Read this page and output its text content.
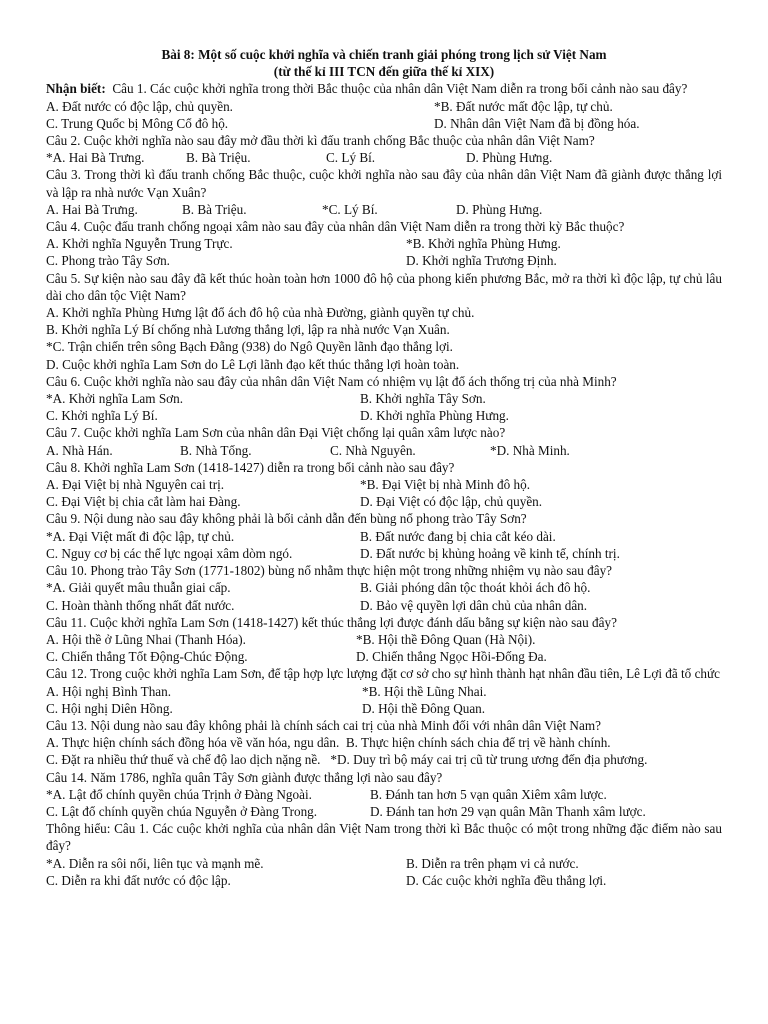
Bài 8: Một số cuộc khởi nghĩa và chiến tranh giải phóng trong lịch sử Việt Nam
(từ thế kỉ III TCN đến giữa thế kỉ XIX)
Nhận biết: Câu 1. Các cuộc khởi nghĩa trong thời Bắc thuộc của nhân dân Việt Nam diễn ra trong bối cảnh nào sau đây?
A. Đất nước có độc lập, chủ quyền.	*B. Đất nước mất độc lập, tự chủ.
C. Trung Quốc bị Mông Cổ đô hộ.	D. Nhân dân Việt Nam đã bị đồng hóa.
Câu 2. Cuộc khởi nghĩa nào sau đây mở đầu thời kì đấu tranh chống Bắc thuộc của nhân dân Việt Nam?
*A. Hai Bà Trưng.	B. Bà Triệu.	C. Lý Bí.	D. Phùng Hưng.
Câu 3. Trong thời kì đấu tranh chống Bắc thuộc, cuộc khởi nghĩa nào sau đây của nhân dân Việt Nam đã giành được thắng lợi và lập ra nhà nước Vạn Xuân?
A. Hai Bà Trưng.	B. Bà Triệu.	*C. Lý Bí.	D. Phùng Hưng.
Câu 4. Cuộc đấu tranh chống ngoại xâm nào sau đây của nhân dân Việt Nam diễn ra trong thời kỳ Bắc thuộc?
A. Khởi nghĩa Nguyễn Trung Trực.	*B. Khởi nghĩa Phùng Hưng.
C. Phong trào Tây Sơn.	D. Khởi nghĩa Trương Định.
Câu 5. Sự kiện nào sau đây đã kết thúc hoàn toàn hơn 1000 đô hộ của phong kiến phương Bắc, mở ra thời kì độc lập, tự chủ lâu dài cho dân tộc Việt Nam?
A. Khởi nghĩa Phùng Hưng lật đổ ách đô hộ của nhà Đường, giành quyền tự chủ.
B. Khởi nghĩa Lý Bí chống nhà Lương thắng lợi, lập ra nhà nước Vạn Xuân.
*C. Trận chiến trên sông Bạch Đằng (938) do Ngô Quyền lãnh đạo thắng lợi.
D. Cuộc khởi nghĩa Lam Sơn do Lê Lợi lãnh đạo kết thúc thắng lợi hoàn toàn.
Câu 6. Cuộc khởi nghĩa nào sau đây của nhân dân Việt Nam có nhiệm vụ lật đổ ách thống trị của nhà Minh?
*A. Khởi nghĩa Lam Sơn.	B. Khởi nghĩa Tây Sơn.
C. Khởi nghĩa Lý Bí.	D. Khởi nghĩa Phùng Hưng.
Câu 7. Cuộc khởi nghĩa Lam Sơn của nhân dân Đại Việt chống lại quân xâm lược nào?
A. Nhà Hán.	B. Nhà Tống.	C. Nhà Nguyên.	*D. Nhà Minh.
Câu 8. Khởi nghĩa Lam Sơn (1418-1427) diễn ra trong bối cảnh nào sau đây?
A. Đại Việt bị nhà Nguyên cai trị.	*B. Đại Việt bị nhà Minh đô hộ.
C. Đại Việt bị chia cắt làm hai Đàng.	D. Đại Việt có độc lập, chủ quyền.
Câu 9. Nội dung nào sau đây không phải là bối cảnh dẫn đến bùng nổ phong trào Tây Sơn?
*A. Đại Việt mất đi độc lập, tự chủ.	B. Đất nước đang bị chia cắt kéo dài.
C. Nguy cơ bị các thế lực ngoại xâm dòm ngó.	D. Đất nước bị khủng hoảng về kinh tế, chính trị.
Câu 10. Phong trào Tây Sơn (1771-1802) bùng nổ nhằm thực hiện một trong những nhiệm vụ nào sau đây?
*A. Giải quyết mâu thuẫn giai cấp.	B. Giải phóng dân tộc thoát khỏi ách đô hộ.
C. Hoàn thành thống nhất đất nước.	D. Bảo vệ quyền lợi dân chủ của nhân dân.
Câu 11. Cuộc khởi nghĩa Lam Sơn (1418-1427) kết thúc thắng lợi được đánh dấu bằng sự kiện nào sau đây?
A. Hội thề ở Lũng Nhai (Thanh Hóa).	*B. Hội thề Đông Quan (Hà Nội).
C. Chiến thắng Tốt Động-Chúc Động.	D. Chiến thắng Ngọc Hồi-Đống Đa.
Câu 12. Trong cuộc khởi nghĩa Lam Sơn, để tập hợp lực lượng đặt cơ sở cho sự hình thành hạt nhân đầu tiên, Lê Lợi đã tổ chức
A. Hội nghị Bình Than.	*B. Hội thề Lũng Nhai.
C. Hội nghị Diên Hồng.	D. Hội thề Đông Quan.
Câu 13. Nội dung nào sau đây không phải là chính sách cai trị của nhà Minh đối với nhân dân Việt Nam?
A. Thực hiện chính sách đồng hóa về văn hóa, ngu dân. B. Thực hiện chính sách chia để trị về hành chính.
C. Đặt ra nhiều thứ thuế và chế độ lao dịch nặng nề. *D. Duy trì bộ máy cai trị cũ từ trung ương đến địa phương.
Câu 14. Năm 1786, nghĩa quân Tây Sơn giành được thắng lợi nào sau đây?
*A. Lật đổ chính quyền chúa Trịnh ở Đàng Ngoài.	B. Đánh tan hơn 5 vạn quân Xiêm xâm lược.
C. Lật đổ chính quyền chúa Nguyễn ở Đàng Trong.	D. Đánh tan hơn 29 vạn quân Mãn Thanh xâm lược.
Thông hiểu: Câu 1. Các cuộc khởi nghĩa của nhân dân Việt Nam trong thời kì Bắc thuộc có một trong những đặc điểm nào sau đây?
*A. Diễn ra sôi nổi, liên tục và mạnh mẽ.	B. Diễn ra trên phạm vi cả nước.
C. Diễn ra khi đất nước có độc lập.	D. Các cuộc khởi nghĩa đều thắng lợi.
